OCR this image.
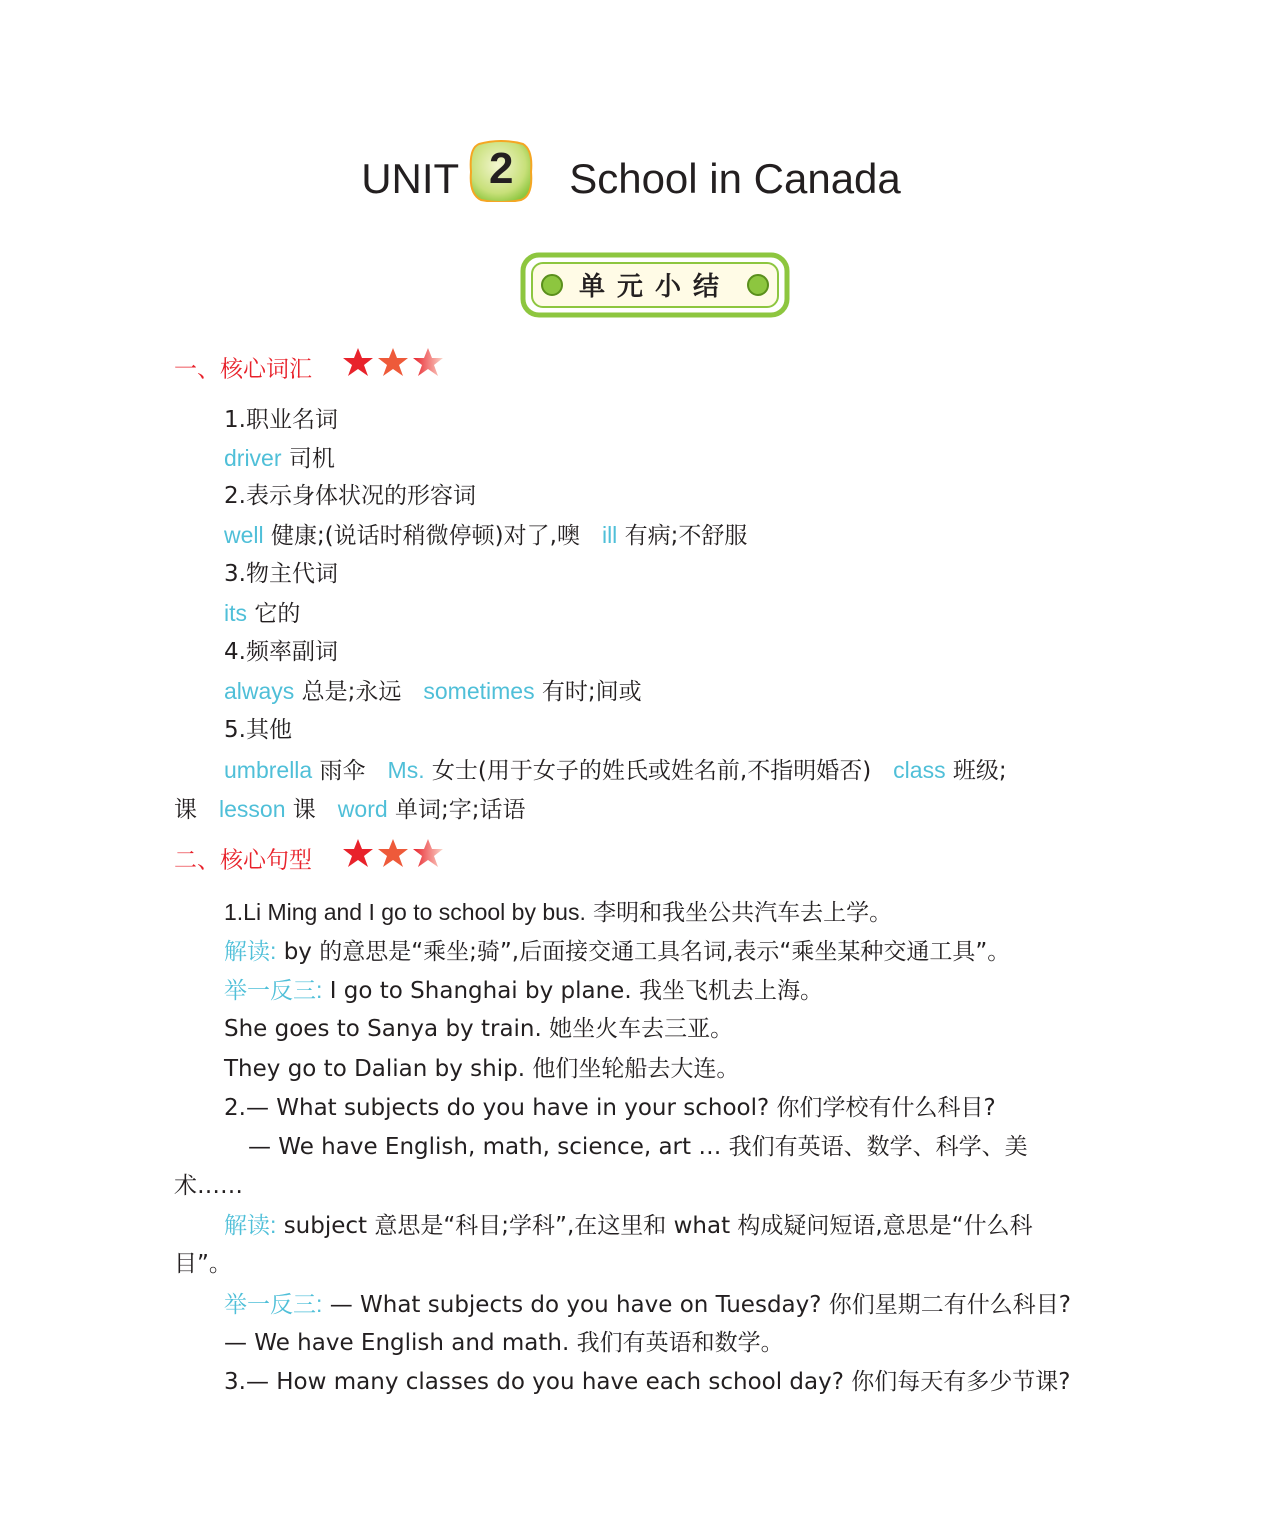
UNIT 2	School in Canada
单元小结
一、核心词汇
1.职业名词
driver 司机
2.表示身体状况的形容词
well 健康;(说话时稍微停顿)对了,噢 ill 有病;不舒服
3.物主代词
its 它的
4.频率副词
always 总是;永远 sometimes 有时;间或
5.其他
umbrella 雨伞 Ms. 女士(用于女子的姓氏或姓名前,不指明婚否) class 班级;
课 lesson 课 word 单词;字;话语
二、核心句型
1.Li Ming and I go to school by bus. 李明和我坐公共汽车去上学。
解读: by 的意思是“乘坐;骑”,后面接交通工具名词,表示“乘坐某种交通工具”。
举一反三: I go to Shanghai by plane. 我坐飞机去上海。
She goes to Sanya by train. 她坐火车去三亚。
They go to Dalian by ship. 他们坐轮船去大连。
2.— What subjects do you have in your school? 你们学校有什么科目?
— We have English, math, science, art … 我们有英语、数学、科学、美
术……
解读: subject 意思是“科目;学科”,在这里和 what 构成疑问短语,意思是“什么科
目”。
举一反三: — What subjects do you have on Tuesday? 你们星期二有什么科目?
— We have English and math. 我们有英语和数学。
3.— How many classes do you have each school day? 你们每天有多少节课?
